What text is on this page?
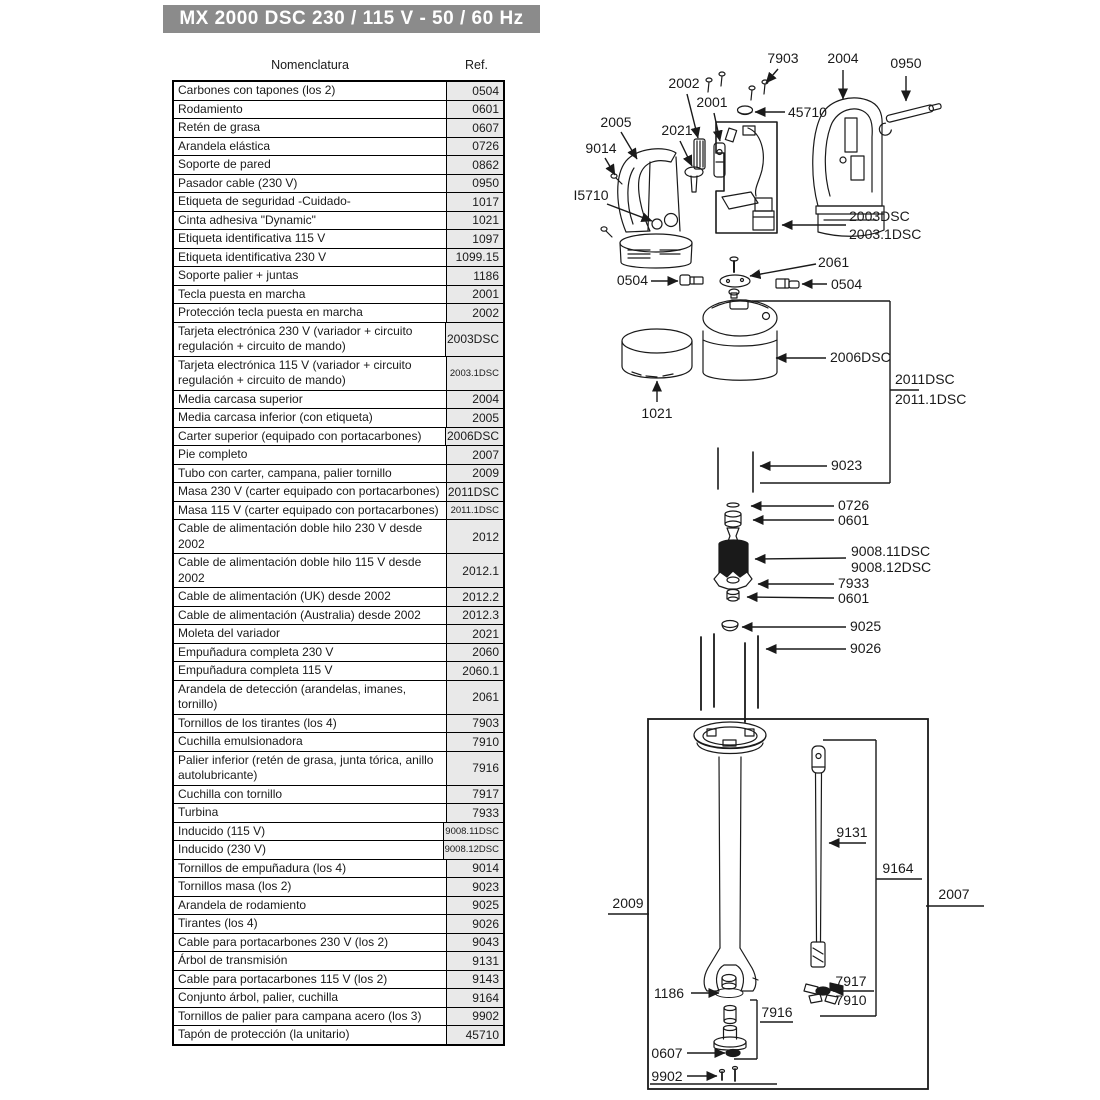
MX 2000 DSC 230 / 115 V - 50 / 60 Hz
Nomenclatura	Ref.
Carbones con tapones (los 2)	0504
Rodamiento	0601
Retén de grasa	0607
Arandela elástica	0726
Soporte de pared	0862
Pasador cable (230 V)	0950
Etiqueta de seguridad -Cuidado-	1017
Cinta adhesiva "Dynamic"	1021
Etiqueta identificativa 115 V	1097
Etiqueta identificativa 230 V	1099.15
Soporte palier + juntas	1186
Tecla puesta en marcha	2001
Protección tecla puesta en marcha	2002
Tarjeta electrónica 230 V (variador + circuito regulación + circuito de mando)	2003DSC
Tarjeta electrónica 115 V (variador + circuito regulación + circuito de mando)	2003.1DSC
Media carcasa superior	2004
Media carcasa inferior (con etiqueta)	2005
Carter superior (equipado con portacarbones)	2006DSC
Pie completo	2007
Tubo con carter, campana, palier tornillo	2009
Masa 230 V (carter equipado con portacarbones) 2011DSC
Masa 115 V (carter equipado con portacarbones)	2011.1DSC
Cable de alimentación doble hilo 230 V desde 2002	2012
Cable de alimentación doble hilo 115 V desde 2002	2012.1
Cable de alimentación (UK) desde 2002	2012.2
Cable de alimentación (Australia) desde 2002	2012.3
Moleta del variador	2021
Empuñadura completa 230 V	2060
Empuñadura completa 115 V	2060.1
Arandela de detección (arandelas, imanes, tornillo)	2061
Tornillos de los tirantes (los 4)	7903
Cuchilla emulsionadora	7910
Palier inferior (retén de grasa, junta tórica, anillo autolubricante)	7916
Cuchilla con tornillo	7917
Turbina	7933
Inducido (115 V)	9008.11DSC
Inducido (230 V)	9008.12DSC
Tornillos de empuñadura (los 4)	9014
Tornillos masa (los 2)	9023
Arandela de rodamiento	9025
Tirantes (los 4)	9026
Cable para portacarbones 230 V (los 2)	9043
Árbol de transmisión	9131
Cable para portacarbones 115 V (los 2)	9143
Conjunto árbol, palier, cuchilla	9164
Tornillos de palier para campana acero (los 3)	9902
Tapón de protección (la unitario)	45710
7903 2004 0950
2002
2001
45710
2005 2021
9014
I5710
2003DSC
2003.1DSC
0504
2061
0504
2006DSC
1021
2011DSC
2011.1DSC
9023
0726
0601
9008.11DSC
9008.12DSC
7933
0601
9025
9026
2009
9131
9164
2007
1186
7916
7917
7910
0607
9902
